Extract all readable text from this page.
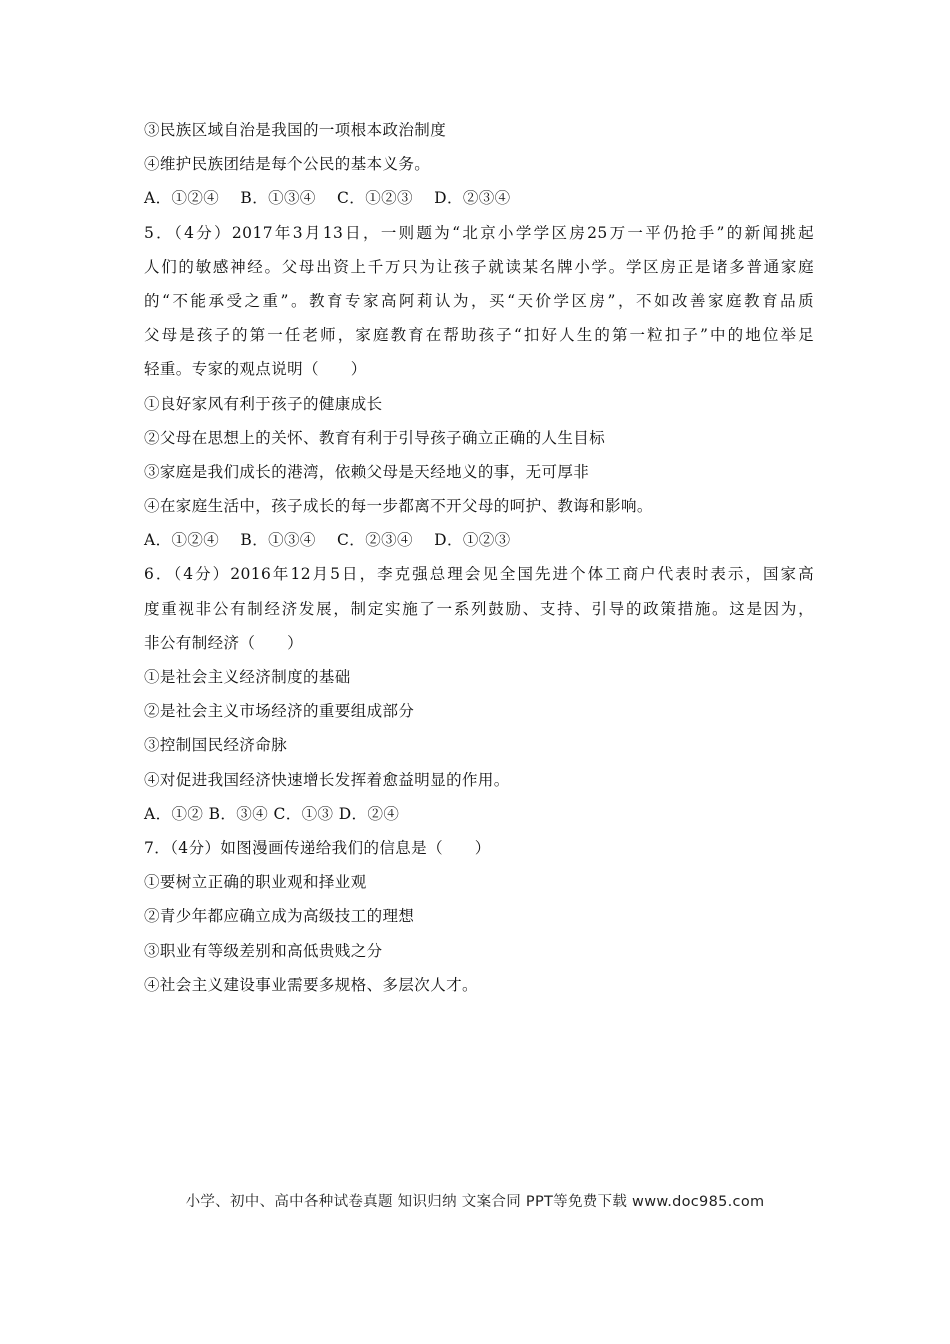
③民族区域自治是我国的一项根本政治制度
④维护民族团结是每个公民的基本义务。
A．①②④　 B．①③④　 C．①②③　 D．②③④
5．（4分）2017年3月13日，一则题为“北京小学学区房25万一平仍抢手”的新闻挑起
人们的敏感神经。父母出资上千万只为让孩子就读某名牌小学。学区房正是诸多普通家庭
的“不能承受之重”。教育专家高阿莉认为，买“天价学区房”，不如改善家庭教育品质
父母是孩子的第一任老师，家庭教育在帮助孩子“扣好人生的第一粒扣子”中的地位举足
轻重。专家的观点说明（　　）
①良好家风有利于孩子的健康成长
②父母在思想上的关怀、教育有利于引导孩子确立正确的人生目标
③家庭是我们成长的港湾，依赖父母是天经地义的事，无可厚非
④在家庭生活中，孩子成长的每一步都离不开父母的呵护、教诲和影响。
A．①②④　 B．①③④　 C．②③④　 D．①②③
6．（4分）2016年12月5日，李克强总理会见全国先进个体工商户代表时表示，国家高
度重视非公有制经济发展，制定实施了一系列鼓励、支持、引导的政策措施。这是因为，
非公有制经济（　　）
①是社会主义经济制度的基础
②是社会主义市场经济的重要组成部分
③控制国民经济命脉
④对促进我国经济快速增长发挥着愈益明显的作用。
A．①② B．③④ C．①③ D．②④
7．（4分）如图漫画传递给我们的信息是（　　）
①要树立正确的职业观和择业观
②青少年都应确立成为高级技工的理想
③职业有等级差别和高低贵贱之分
④社会主义建设事业需要多规格、多层次人才。
小学、初中、高中各种试卷真题 知识归纳 文案合同 PPT等免费下载 www.doc985.com
